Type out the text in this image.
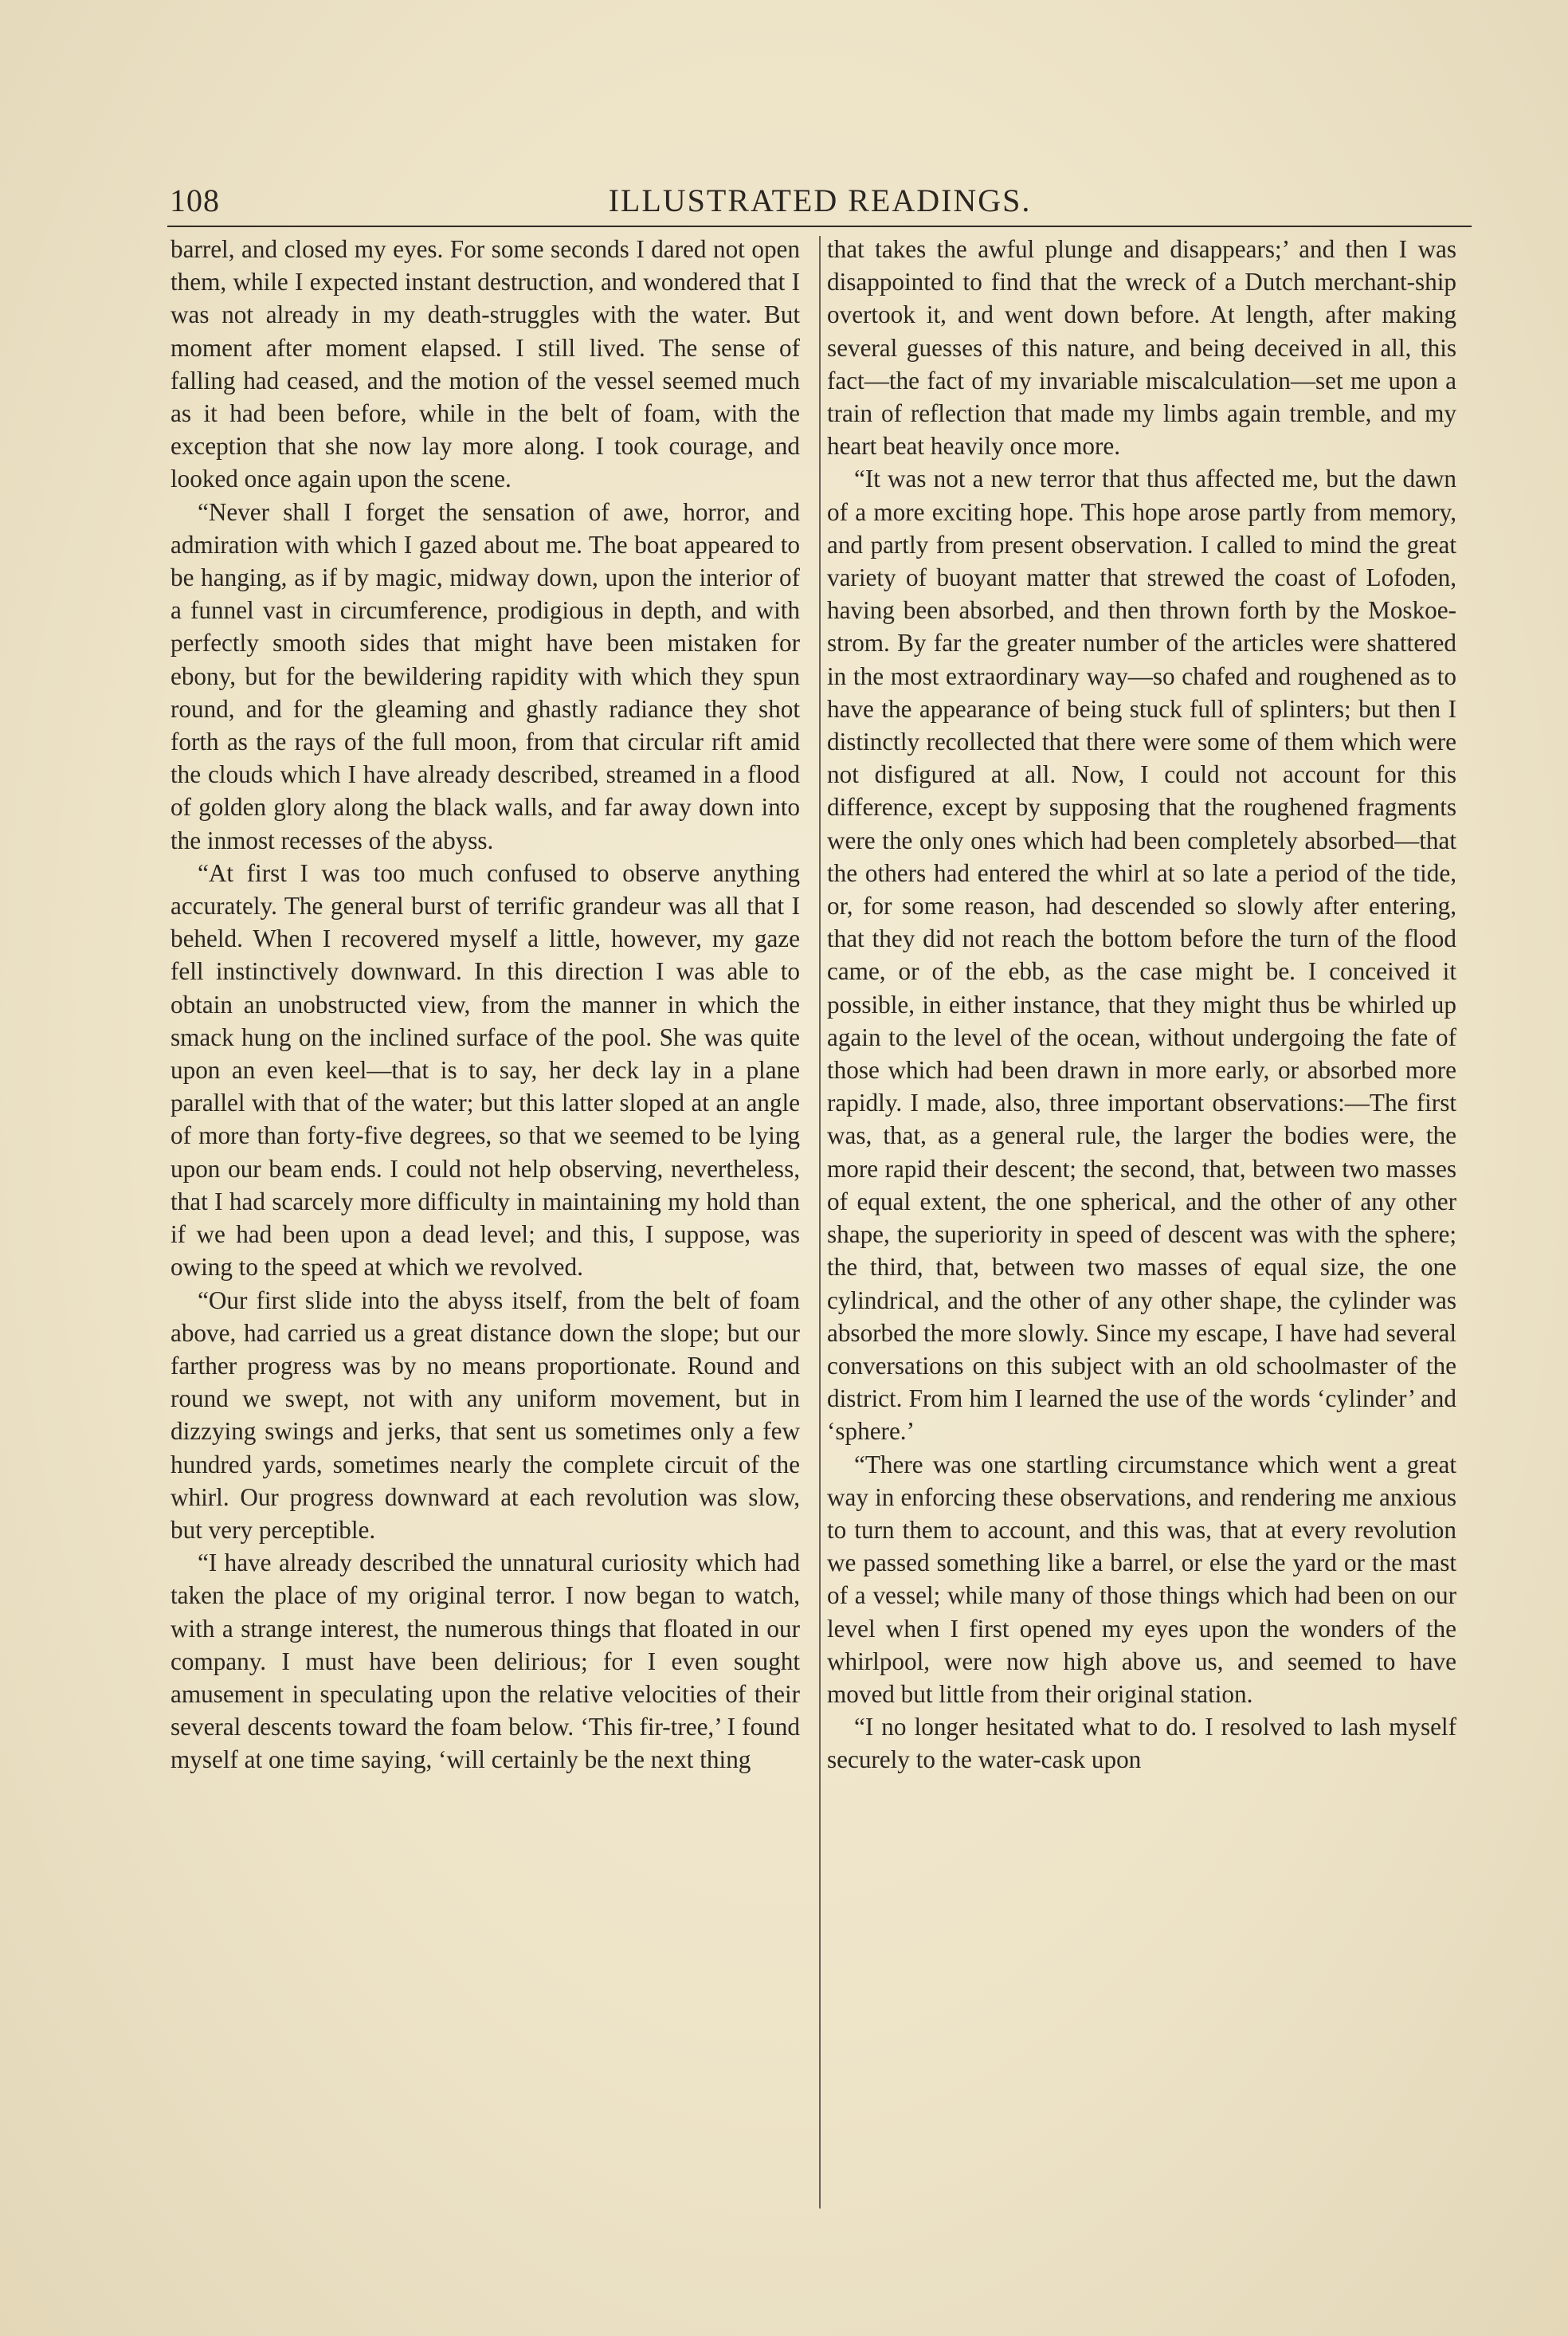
108	ILLUSTRATED READINGS.

barrel, and closed my eyes. For some seconds I dared not open them, while I expected instant destruction, and wondered that I was not already in my death-struggles with the water. But moment after moment elapsed. I still lived. The sense of falling had ceased, and the motion of the vessel seemed much as it had been before, while in the belt of foam, with the exception that she now lay more along. I took courage, and looked once again upon the scene.

“Never shall I forget the sensation of awe, horror, and admiration with which I gazed about me. The boat appeared to be hanging, as if by magic, midway down, upon the interior of a funnel vast in circumference, prodigious in depth, and with perfectly smooth sides that might have been mistaken for ebony, but for the bewildering rapidity with which they spun round, and for the gleaming and ghastly radiance they shot forth as the rays of the full moon, from that circular rift amid the clouds which I have already described, streamed in a flood of golden glory along the black walls, and far away down into the inmost recesses of the abyss.

“At first I was too much confused to observe anything accurately. The general burst of terrific grandeur was all that I beheld. When I recovered myself a little, however, my gaze fell instinctively downward. In this direction I was able to obtain an unobstructed view, from the manner in which the smack hung on the inclined surface of the pool. She was quite upon an even keel—that is to say, her deck lay in a plane parallel with that of the water; but this latter sloped at an angle of more than forty-five degrees, so that we seemed to be lying upon our beam ends. I could not help observing, nevertheless, that I had scarcely more difficulty in maintaining my hold than if we had been upon a dead level; and this, I suppose, was owing to the speed at which we revolved.

“Our first slide into the abyss itself, from the belt of foam above, had carried us a great distance down the slope; but our farther progress was by no means proportionate. Round and round we swept, not with any uniform movement, but in dizzying swings and jerks, that sent us sometimes only a few hundred yards, sometimes nearly the complete circuit of the whirl. Our progress downward at each revolution was slow, but very perceptible.

“I have already described the unnatural curiosity which had taken the place of my original terror. I now began to watch, with a strange interest, the numerous things that floated in our company. I must have been delirious; for I even sought amusement in speculating upon the relative velocities of their several descents toward the foam below. ‘This fir-tree,’ I found myself at one time saying, ‘will certainly be the next thing

that takes the awful plunge and disappears;’ and then I was disappointed to find that the wreck of a Dutch merchant-ship overtook it, and went down before. At length, after making several guesses of this nature, and being deceived in all, this fact—the fact of my invariable miscalculation—set me upon a train of reflection that made my limbs again tremble, and my heart beat heavily once more.

“It was not a new terror that thus affected me, but the dawn of a more exciting hope. This hope arose partly from memory, and partly from present observation. I called to mind the great variety of buoyant matter that strewed the coast of Lofoden, having been absorbed, and then thrown forth by the Moskoe-strom. By far the greater number of the articles were shattered in the most extraordinary way—so chafed and roughened as to have the appearance of being stuck full of splinters; but then I distinctly recollected that there were some of them which were not disfigured at all. Now, I could not account for this difference, except by supposing that the roughened fragments were the only ones which had been completely absorbed—that the others had entered the whirl at so late a period of the tide, or, for some reason, had descended so slowly after entering, that they did not reach the bottom before the turn of the flood came, or of the ebb, as the case might be. I conceived it possible, in either instance, that they might thus be whirled up again to the level of the ocean, without undergoing the fate of those which had been drawn in more early, or absorbed more rapidly. I made, also, three important observations:—The first was, that, as a general rule, the larger the bodies were, the more rapid their descent; the second, that, between two masses of equal extent, the one spherical, and the other of any other shape, the superiority in speed of descent was with the sphere; the third, that, between two masses of equal size, the one cylindrical, and the other of any other shape, the cylinder was absorbed the more slowly. Since my escape, I have had several conversations on this subject with an old schoolmaster of the district. From him I learned the use of the words ‘cylinder’ and ‘sphere.’

“There was one startling circumstance which went a great way in enforcing these observations, and rendering me anxious to turn them to account, and this was, that at every revolution we passed something like a barrel, or else the yard or the mast of a vessel; while many of those things which had been on our level when I first opened my eyes upon the wonders of the whirlpool, were now high above us, and seemed to have moved but little from their original station.

“I no longer hesitated what to do. I resolved to lash myself securely to the water-cask upon
